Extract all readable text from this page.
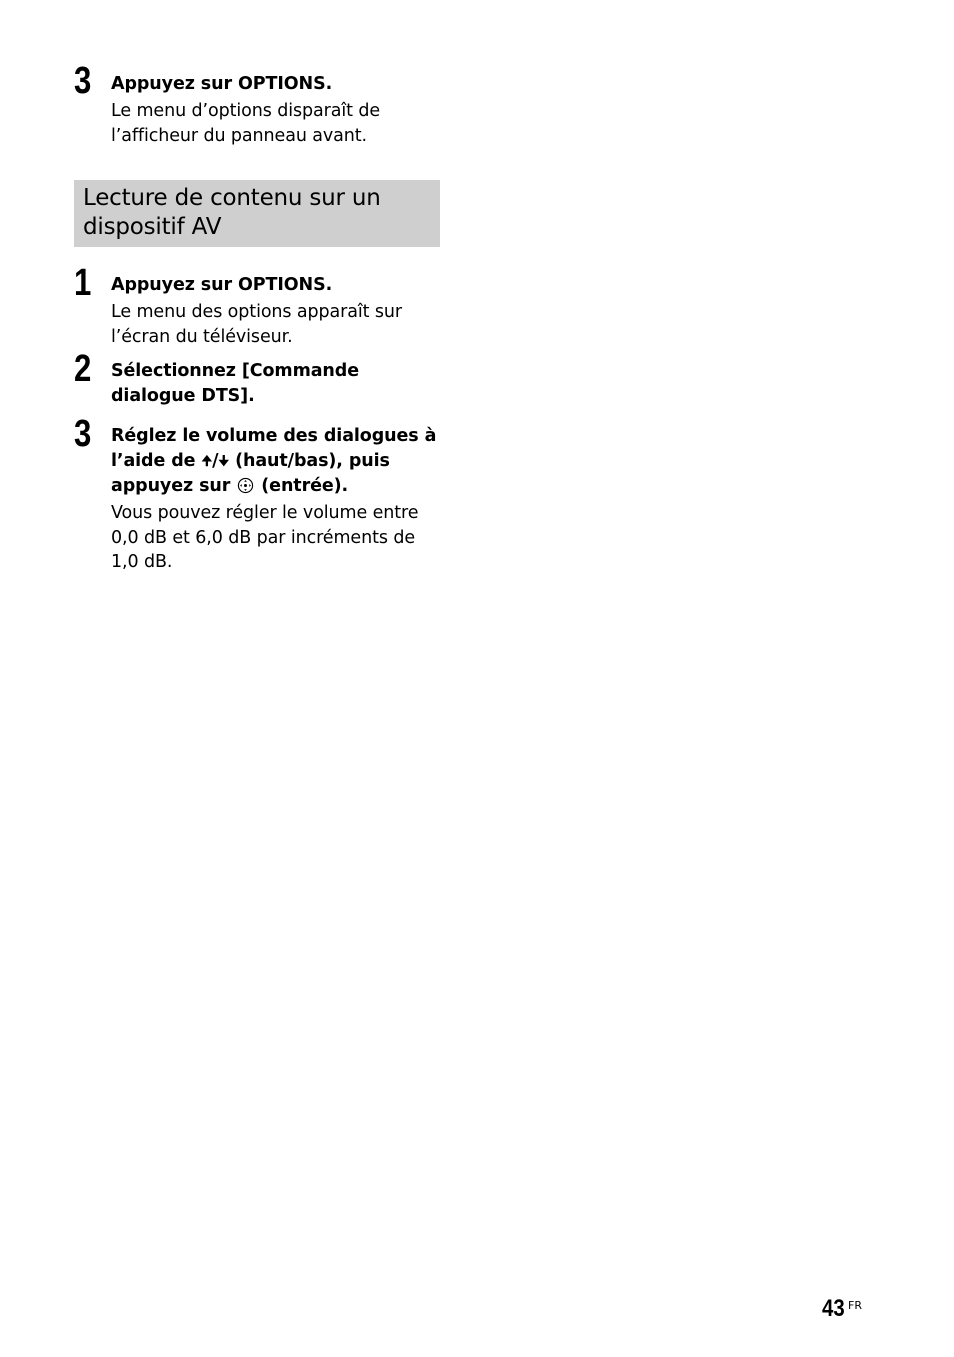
3 Appuyez sur OPTIONS.
Le menu d’options disparaît de
l’afficheur du panneau avant.
Lecture de contenu sur un
dispositif AV
1 Appuyez sur OPTIONS.
Le menu des options apparaît sur
l’écran du téléviseur.
2 Sélectionnez [Commande
dialogue DTS].
3 Réglez le volume des dialogues à
l’aide de 🠉/🠋 (haut/bas), puis
appuyez sur  (entrée).
Vous pouvez régler le volume entre
0,0 dB et 6,0 dB par incréments de
1,0 dB.
43 FR
